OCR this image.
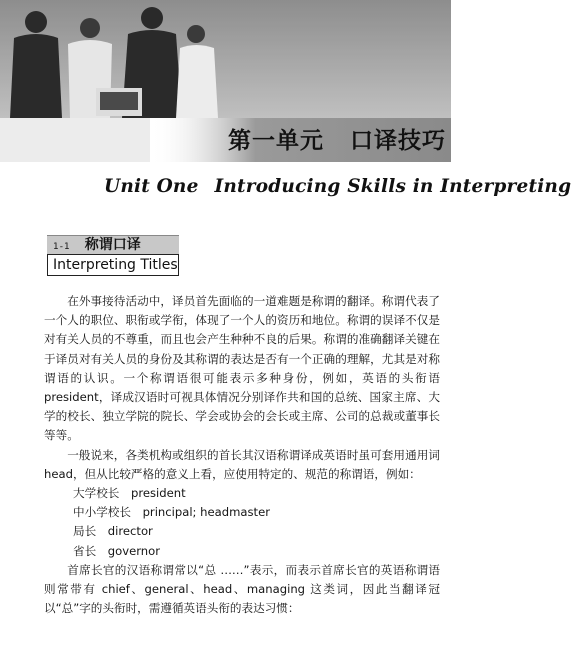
第一单元 口译技巧
Unit One Introducing Skills in Interpreting
1-1 称谓口译
Interpreting Titles

在外事接待活动中，译员首先面临的一道难题是称谓的翻译。称谓代表了一个人的职位、职衔或学衔，体现了一个人的资历和地位。称谓的误译不仅是对有关人员的不尊重，而且也会产生种种不良的后果。称谓的准确翻译关键在于译员对有关人员的身份及其称谓的表达是否有一个正确的理解，尤其是对称谓语的认识。一个称谓语很可能表示多种身份，例如，英语的头衔语 president，译成汉语时可视具体情况分别译作共和国的总统、国家主席、大学的校长、独立学院的院长、学会或协会的会长或主席、公司的总裁或董事长等等。

一般说来，各类机构或组织的首长其汉语称谓译成英语时虽可套用通用词 head，但从比较严格的意义上看，应使用特定的、规范的称谓语，例如：

大学校长 president
中小学校长 principal; headmaster
局长 director
省长 governor

首席长官的汉语称谓常以“总 ……”表示，而表示首席长官的英语称谓语则常带有 chief、general、head、managing 这类词，因此当翻译冠以“总”字的头衔时，需遵循英语头衔的表达习惯：
